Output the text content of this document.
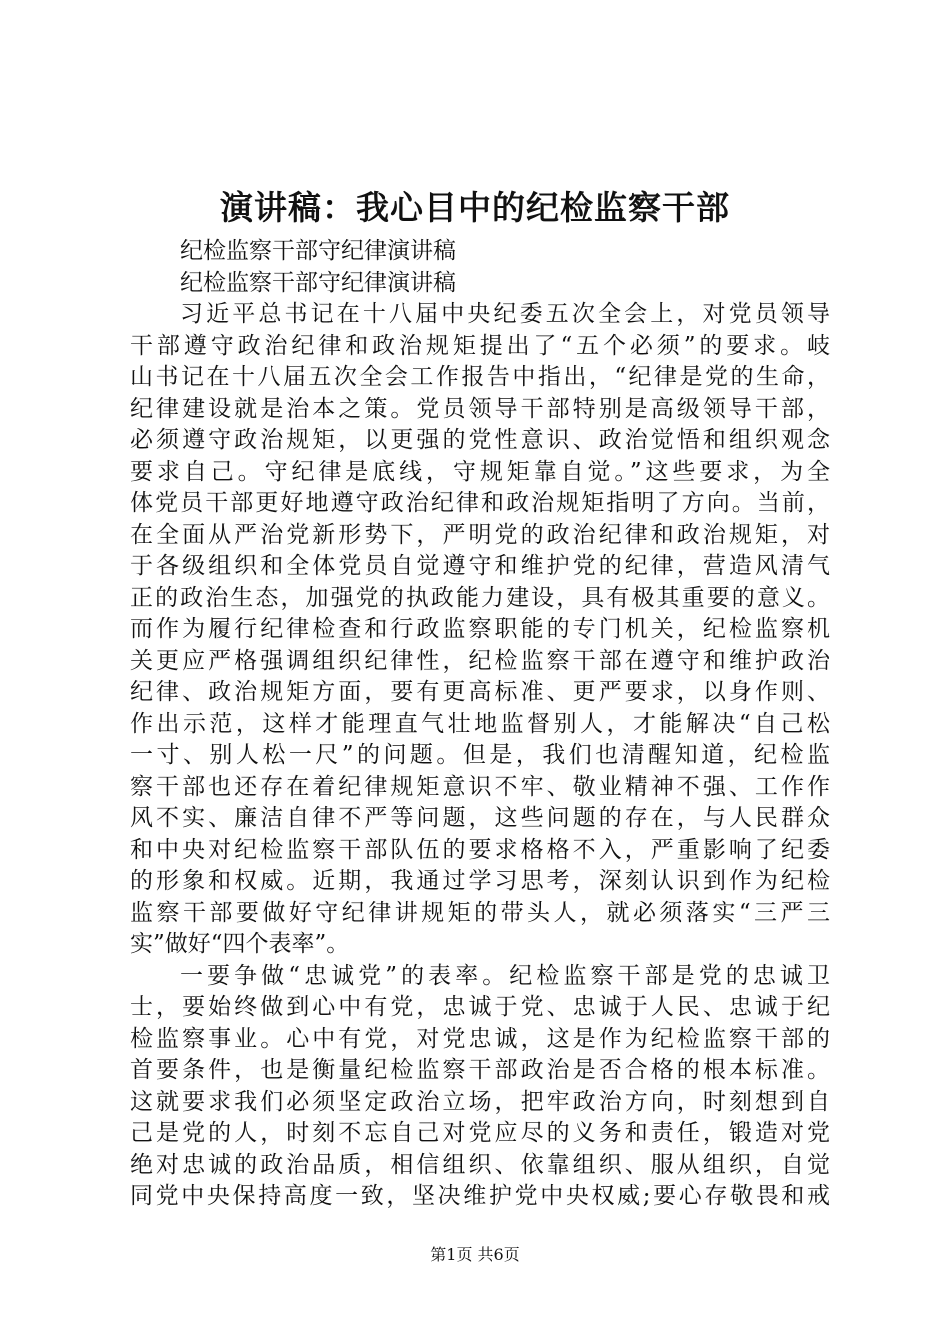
演讲稿：我心目中的纪检监察干部
纪检监察干部守纪律演讲稿
纪检监察干部守纪律演讲稿
习近平总书记在十八届中央纪委五次全会上，对党员领导
干部遵守政治纪律和政治规矩提出了“五个必须”的要求。岐
山书记在十八届五次全会工作报告中指出，“纪律是党的生命，
纪律建设就是治本之策。党员领导干部特别是高级领导干部，
必须遵守政治规矩，以更强的党性意识、政治觉悟和组织观念
要求自己。守纪律是底线，守规矩靠自觉。”这些要求，为全
体党员干部更好地遵守政治纪律和政治规矩指明了方向。当前，
在全面从严治党新形势下，严明党的政治纪律和政治规矩，对
于各级组织和全体党员自觉遵守和维护党的纪律，营造风清气
正的政治生态，加强党的执政能力建设，具有极其重要的意义。
而作为履行纪律检查和行政监察职能的专门机关，纪检监察机
关更应严格强调组织纪律性，纪检监察干部在遵守和维护政治
纪律、政治规矩方面，要有更高标准、更严要求，以身作则、
作出示范，这样才能理直气壮地监督别人，才能解决“自己松
一寸、别人松一尺”的问题。但是，我们也清醒知道，纪检监
察干部也还存在着纪律规矩意识不牢、敬业精神不强、工作作
风不实、廉洁自律不严等问题，这些问题的存在，与人民群众
和中央对纪检监察干部队伍的要求格格不入，严重影响了纪委
的形象和权威。近期，我通过学习思考，深刻认识到作为纪检
监察干部要做好守纪律讲规矩的带头人，就必须落实“三严三
实”做好“四个表率”。
一要争做“忠诚党”的表率。纪检监察干部是党的忠诚卫
士，要始终做到心中有党，忠诚于党、忠诚于人民、忠诚于纪
检监察事业。心中有党，对党忠诚，这是作为纪检监察干部的
首要条件，也是衡量纪检监察干部政治是否合格的根本标准。
这就要求我们必须坚定政治立场，把牢政治方向，时刻想到自
己是党的人，时刻不忘自己对党应尽的义务和责任，锻造对党
绝对忠诚的政治品质，相信组织、依靠组织、服从组织，自觉
同党中央保持高度一致，坚决维护党中央权威;要心存敬畏和戒
第1页 共6页
